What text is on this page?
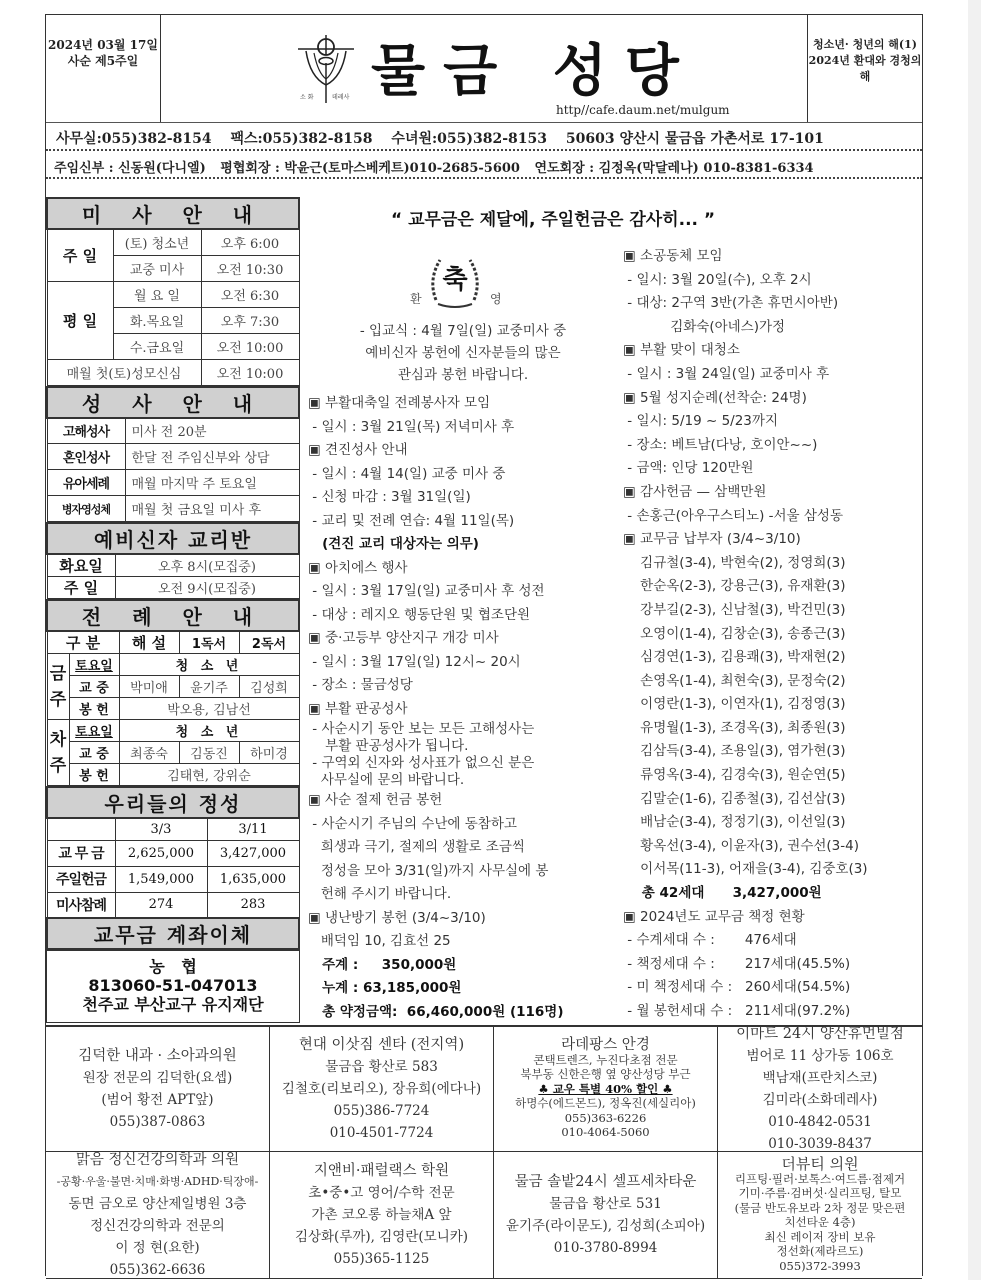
2024년 03월 17일
사순 제5주일
소 화	데레사 물금 성당
http//cafe.daum.net/mulgum
청소년· 청년의 해(1)
2024년 환대와 경청의 해
사무실:055)382-8154 팩스:055)382-8158 수녀원:055)382-8153 50603 양산시 물금읍 가촌서로 17-101
주임신부 : 신동원(다니엘) 평협회장 : 박윤근(토마스베케트)010-2685-5600 연도회장 : 김정옥(막달레나) 010-8381-6334
미 사 안 내		
주 일	(토) 청소년	오후 6:00
	교중 미사	오전 10:30
평 일	월 요 일	오전 6:30
	화.목요일	오후 7:30
	수.금요일	오전 10:00
매월 첫(토)성모신심		오전 10:00
성 사 안 내	
고해성사	미사 전 20분
혼인성사	한달 전 주임신부와 상담
유아세례	매월 마지막 주 토요일
병자영성체	매월 첫 금요일 미사 후
예비신자 교리반	
화요일	오후 8시(모집중)
주 일	오전 9시(모집중)
전 례 안 내				
구 분		해 설	1독서	2독서
금주	토요일	청 소 년		
	교 중	박미애	윤기주	김성희
	봉 헌	박오용, 김남선		
차주	토요일	청 소 년		
	교 중	최종숙	김동진	하미경
	봉 헌	김태현, 강위순		
우리들의 정성		
	3/3	3/11
교 무 금	2,625,000	3,427,000
주일헌금	1,549,000	1,635,000
미사참례	274	283
교무금 계좌이체		
농   협
813060-51-047013
천주교 부산교구 유지재단
“ 교무금은 제달에, 주일헌금은 감사히... ”
환
축
영
- 입교식 : 4월 7일(일) 교중미사 중
예비신자 봉헌에 신자분들의 많은
관심과 봉헌 바랍니다.
▣ 부활대축일 전례봉사자 모임
- 일시 : 3월 21일(목) 저녁미사 후
▣ 견진성사 안내
- 일시 : 4월 14(일) 교중 미사 중
- 신청 마감 : 3월 31일(일)
- 교리 및 전례 연습: 4월 11일(목)
(견진 교리 대상자는 의무)
▣ 아치에스 행사
- 일시 : 3월 17일(일) 교중미사 후 성전
- 대상 : 레지오 행동단원 및 협조단원
▣ 중·고등부 양산지구 개강 미사
- 일시 : 3월 17일(일) 12시~ 20시
- 장소 : 물금성당
▣ 부활 판공성사
- 사순시기 동안 보는 모든 고해성사는
부활 판공성사가 됩니다.
- 구역외 신자와 성사표가 없으신 분은
사무실에 문의 바랍니다.
▣ 사순 절제 헌금 봉헌
- 사순시기 주님의 수난에 동참하고
희생과 극기, 절제의 생활로 조금씩
정성을 모아 3/31(일)까지 사무실에 봉
헌해 주시기 바랍니다.
▣ 냉난방기 봉헌 (3/4~3/10)
배덕임 10, 김효선 25
주계 :     350,000원
누계 : 63,185,000원
총 약정금액:  66,460,000원 (116명)
▣ 소공동체 모임
- 일시: 3월 20일(수), 오후 2시
- 대상: 2구역 3반(가촌 휴먼시아반)
김화숙(아네스)가정
▣ 부활 맞이 대청소
- 일시 : 3월 24일(일) 교중미사 후
▣ 5월 성지순례(선착순: 24명)
- 일시: 5/19 ~ 5/23까지
- 장소: 베트남(다낭, 호이안~~)
- 금액: 인당 120만원
▣ 감사헌금 — 삼백만원
- 손홍근(아우구스티노) -서울 삼성동
▣ 교무금 납부자 (3/4~3/10)
김규철(3-4), 박현숙(2), 정영희(3)
한순옥(2-3), 강용근(3), 유재환(3)
강부길(2-3), 신남철(3), 박건민(3)
오영이(1-4), 김창순(3), 송종근(3)
심경연(1-3), 김용쾌(3), 박재현(2)
손영옥(1-4), 최현숙(3), 문정숙(2)
이영란(1-3), 이연자(1), 김정영(3)
유명월(1-3), 조경옥(3), 최종원(3)
김삼득(3-4), 조용일(3), 염가현(3)
류영옥(3-4), 김경숙(3), 원순연(5)
김말순(1-6), 김종철(3), 김선삼(3)
배남순(3-4), 정정기(3), 이선일(3)
황옥선(3-4), 이윤자(3), 권수선(3-4)
이서목(11-3), 어재을(3-4), 김중호(3)
총 42세대      3,427,000원
▣ 2024년도 교무금 책정 현황
- 수계세대 수 :       476세대
- 책정세대 수 :       217세대(45.5%)
- 미 책정세대 수 :   260세대(54.5%)
- 월 봉헌세대 수 :   211세대(97.2%)
김덕한 내과 · 소아과의원
원장 전문의 김덕한(요셉)
(범어 황전 APT앞)
055)387-0863
현대 이삿짐 센타 (전지역)
물금읍 황산로 583
김철호(리보리오), 장유희(에다나)
055)386-7724
010-4501-7724
라데팡스 안경
콘택트렌즈, 누진다초점 전문
북부동 신한은행 옆 양산성당 부근
♣ 교우 특별 40% 할인 ♣
하명수(에드몬드), 정옥진(세실리아)
055)363-6226
010-4064-5060
이마트 24시 양산휴먼빌점
범어로 11 상가동 106호
백남재(프란치스코)
김미라(소화데레사)
010-4842-0531
010-3039-8437
맑음 정신건강의학과 의원
-공황·우울·불면·치매·화병·ADHD·틱장애-
동면 금오로 양산제일병원 3층
정신건강의학과 전문의
이 정 현(요한)
055)362-6636
지앤비·패럴랙스 학원
초•중•고 영어/수학 전문
가촌 코오롱 하늘채A 앞
김상화(루까), 김영란(모니카)
055)365-1125
물금 솔밭24시 셀프세차타운
물금읍 황산로 531
윤기주(라이문도), 김성희(소피아)
010-3780-8994
더뷰티 의원
리프팅·필러·보톡스·여드름·점제거
기미·주름·검버섯·실리프팅, 탈모
(물금 반도유보라 2차 정문 맞은편
치선타운 4층)
최신 레이저 장비 보유
정선화(제라르도)
055)372-3993
